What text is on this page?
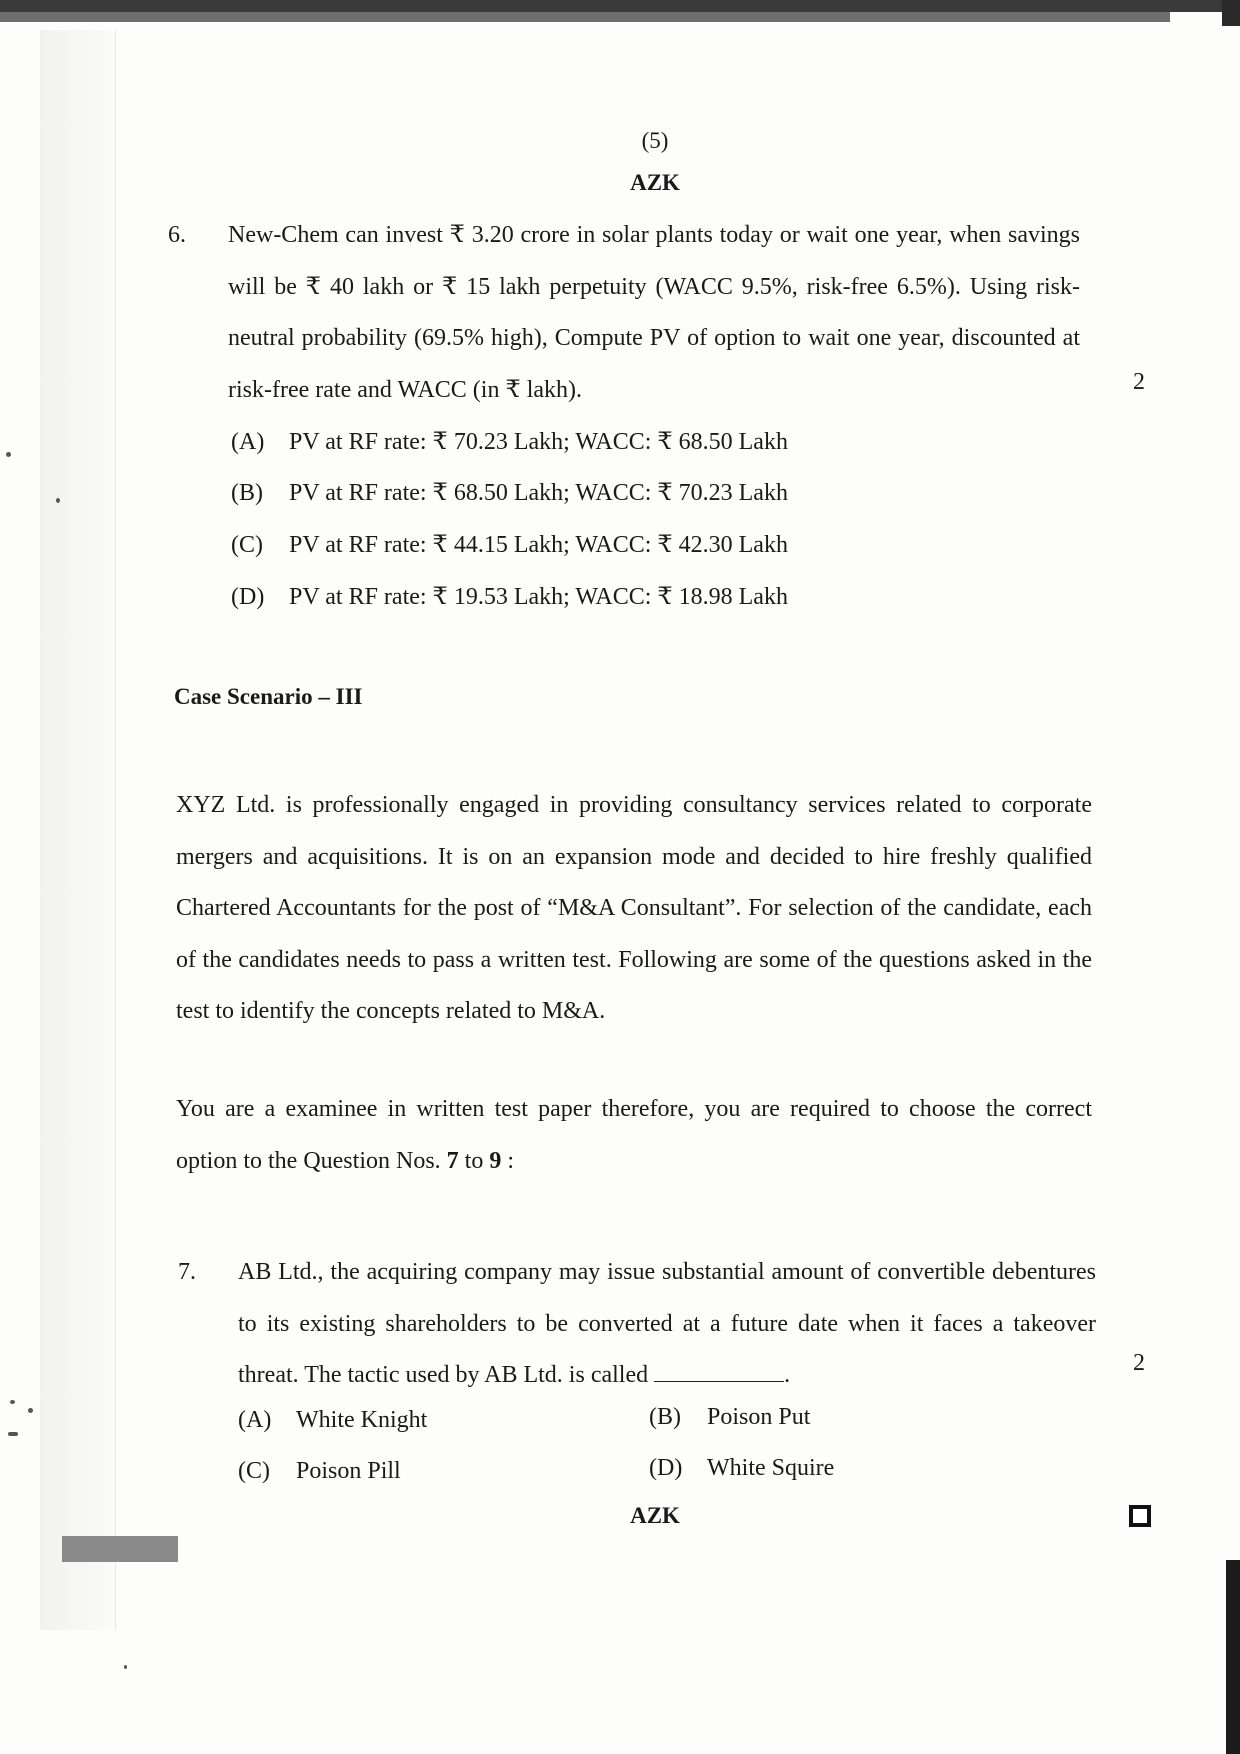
(5)
AZK
6. New-Chem can invest ₹ 3.20 crore in solar plants today or wait one year, when savings will be ₹ 40 lakh or ₹ 15 lakh perpetuity (WACC 9.5%, risk-free 6.5%). Using risk-neutral probability (69.5% high), Compute PV of option to wait one year, discounted at risk-free rate and WACC (in ₹ lakh).	2
(A) PV at RF rate: ₹ 70.23 Lakh; WACC: ₹ 68.50 Lakh
(B) PV at RF rate: ₹ 68.50 Lakh; WACC: ₹ 70.23 Lakh
(C) PV at RF rate: ₹ 44.15 Lakh; WACC: ₹ 42.30 Lakh
(D) PV at RF rate: ₹ 19.53 Lakh; WACC: ₹ 18.98 Lakh
Case Scenario – III
XYZ Ltd. is professionally engaged in providing consultancy services related to corporate mergers and acquisitions. It is on an expansion mode and decided to hire freshly qualified Chartered Accountants for the post of “M&A Consultant”. For selection of the candidate, each of the candidates needs to pass a written test. Following are some of the questions asked in the test to identify the concepts related to M&A.
You are a examinee in written test paper therefore, you are required to choose the correct option to the Question Nos. 7 to 9 :
7. AB Ltd., the acquiring company may issue substantial amount of convertible debentures to its existing shareholders to be converted at a future date when it faces a takeover threat. The tactic used by AB Ltd. is called	.	2
(A) White Knight	(B) Poison Put
(C) Poison Pill	(D) White Squire
AZK
